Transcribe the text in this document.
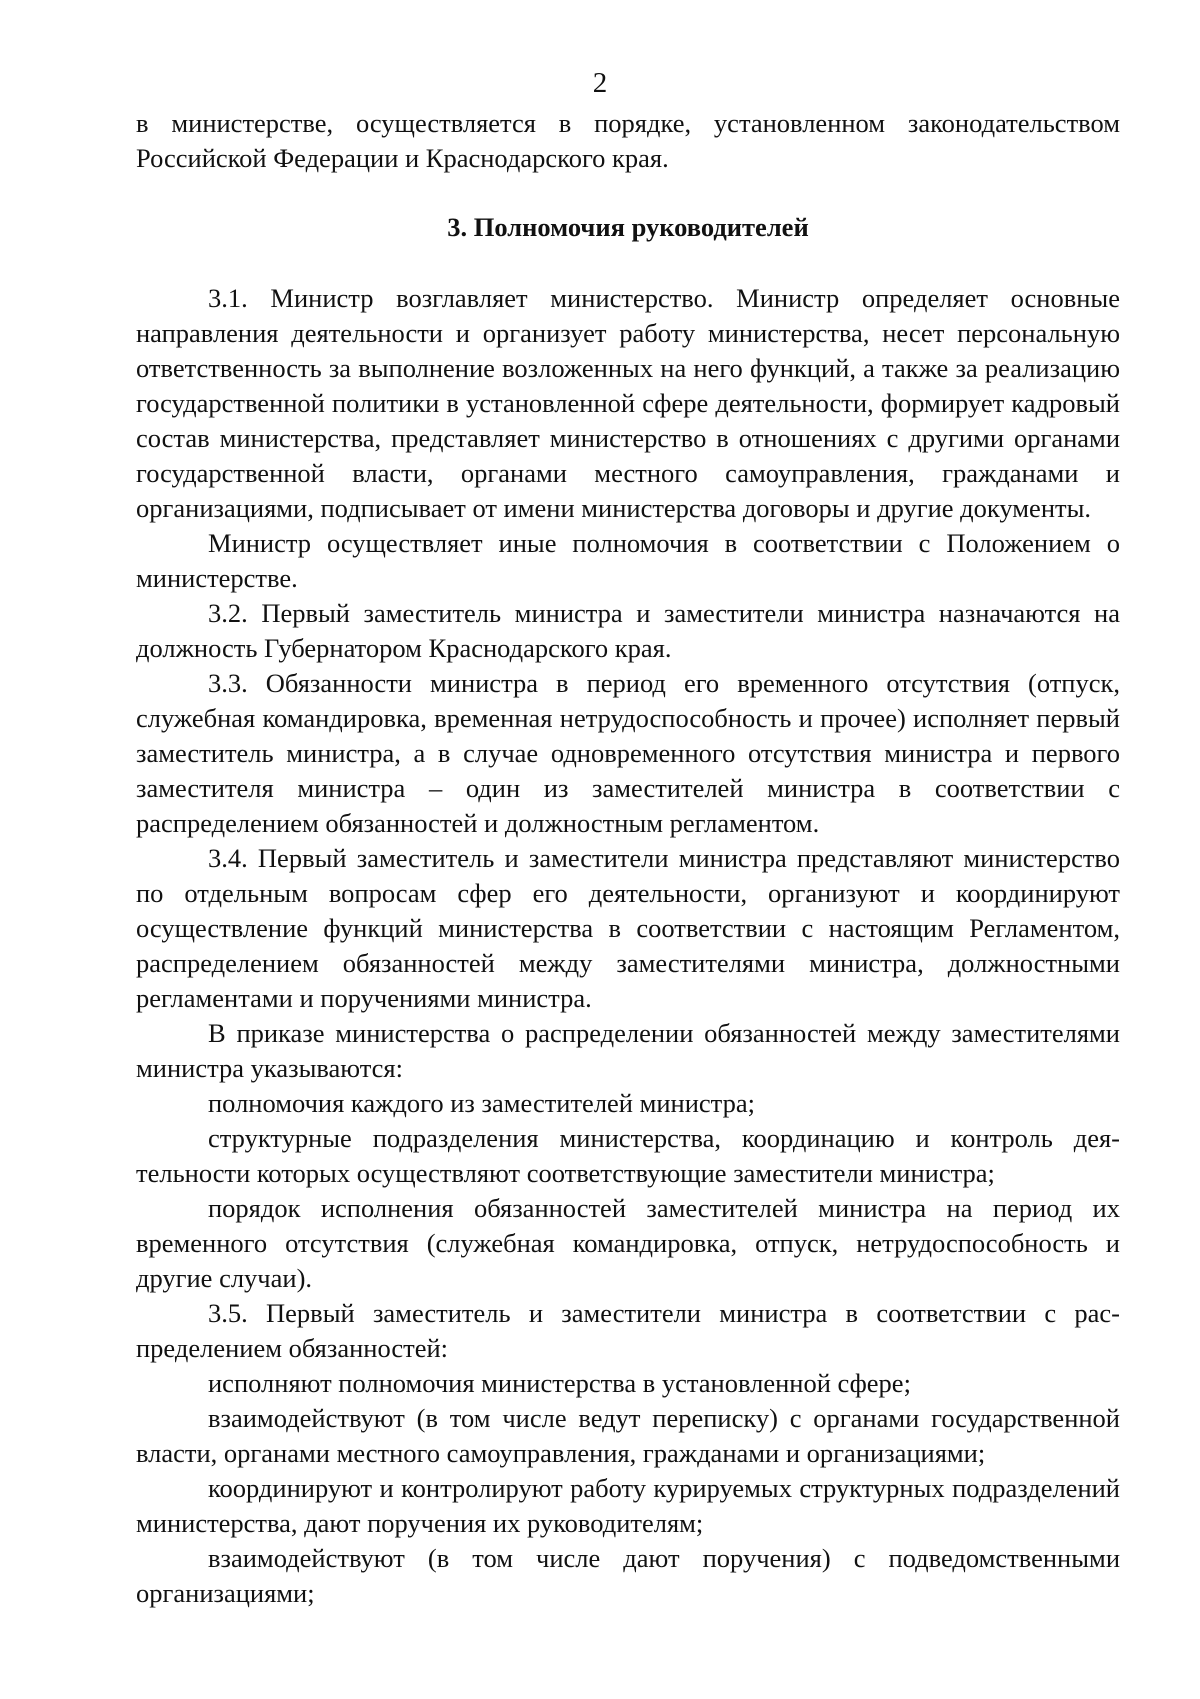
2

в министерстве, осуществляется в порядке, установленном законодательством Российской Федерации и Краснодарского края.

3. Полномочия руководителей

3.1. Министр возглавляет министерство. Министр определяет основные направления деятельности и организует работу министерства, несет персональную ответственность за выполнение возложенных на него функций, а также за реализацию государственной политики в установленной сфере деятельности, формирует кадровый состав министерства, представляет министерство в отношениях с другими органами государственной власти, органами местного самоуправления, гражданами и организациями, подписывает от имени министерства договоры и другие документы.

Министр осуществляет иные полномочия в соответствии с Положением о министерстве.

3.2. Первый заместитель министра и заместители министра назначаются на должность Губернатором Краснодарского края.

3.3. Обязанности министра в период его временного отсутствия (отпуск, служебная командировка, временная нетрудоспособность и прочее) исполняет первый заместитель министра, а в случае одновременного отсутствия министра и первого заместителя министра – один из заместителей министра в соответствии с распределением обязанностей и должностным регламентом.

3.4. Первый заместитель и заместители министра представляют министерство по отдельным вопросам сфер его деятельности, организуют и координируют осуществление функций министерства в соответствии с настоящим Регламентом, распределением обязанностей между заместителями министра, должностными регламентами и поручениями министра.

В приказе министерства о распределении обязанностей между заместителями министра указываются:

полномочия каждого из заместителей министра;

структурные подразделения министерства, координацию и контроль деятельности которых осуществляют соответствующие заместители министра;

порядок исполнения обязанностей заместителей министра на период их временного отсутствия (служебная командировка, отпуск, нетрудоспособность и другие случаи).

3.5. Первый заместитель и заместители министра в соответствии с распределением обязанностей:

исполняют полномочия министерства в установленной сфере;

взаимодействуют (в том числе ведут переписку) с органами государственной власти, органами местного самоуправления, гражданами и организациями;

координируют и контролируют работу курируемых структурных подразделений министерства, дают поручения их руководителям;

взаимодействуют (в том числе дают поручения) с подведомственными организациями;
